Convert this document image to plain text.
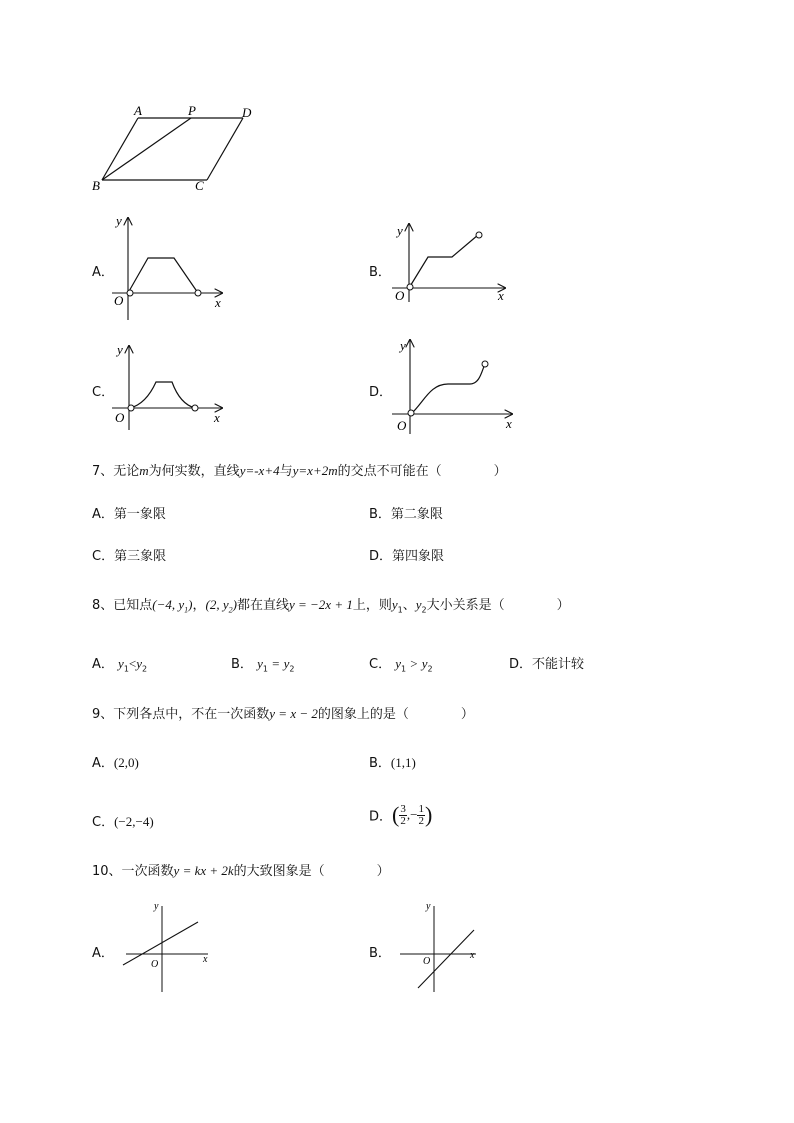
A	P	D
B	C
A．
y
x
O
B．
y
x
O
C．
y
x
O
D．
y
x
O
7、无论m为何实数，直线y=-x+4与y=x+2m的交点不可能在（　　　　）
A．第一象限	B．第二象限
C．第三象限	D．第四象限
8、已知点(−4, $y_1$)，(2, $y_2$)都在直线y = −2x + 1上，则$y_1$、$y_2$大小关系是（　　　　）
A． $y_1<y_2$	B． $y_1 = y_2$	C． $y_1 > y_2$	D．不能计较
9、下列各点中，不在一次函数y = x − 2的图象上的是（　　　　）
A．(2,0)	B．(1,1)
C．(−2,−4)	D．( $\frac{3}{2}$ ,− $\frac{1}{2}$ )
10、一次函数y = kx + 2k的大致图象是（　　　　）
A．
y
x
O
B．
y
x
O
